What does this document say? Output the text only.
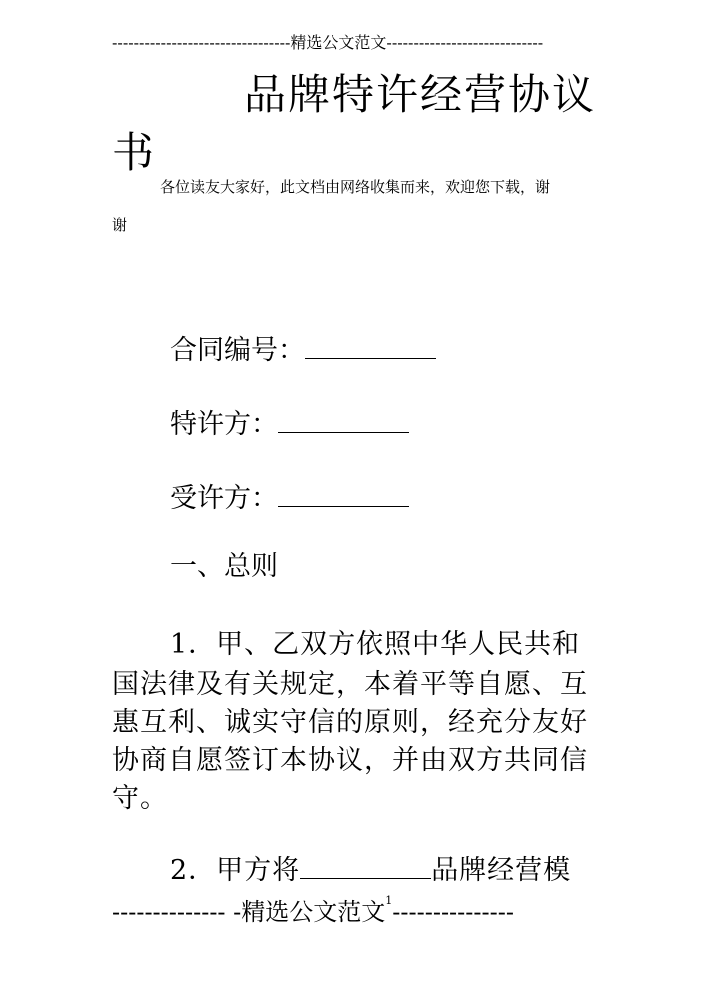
---------------------------------精选公文范文-----------------------------
品牌特许经营协议
书
各位读友大家好，此文档由网络收集而来，欢迎您下载，谢
谢
合同编号：
特许方：
受许方：
一、总则
1．甲、乙双方依照中华人民共和
国法律及有关规定，本着平等自愿、互
惠互利、诚实守信的原则，经充分友好
协商自愿签订本协议，并由双方共同信
守。
2．甲方将	品牌经营模
-------------- -精选公文范文$^1$---------------
